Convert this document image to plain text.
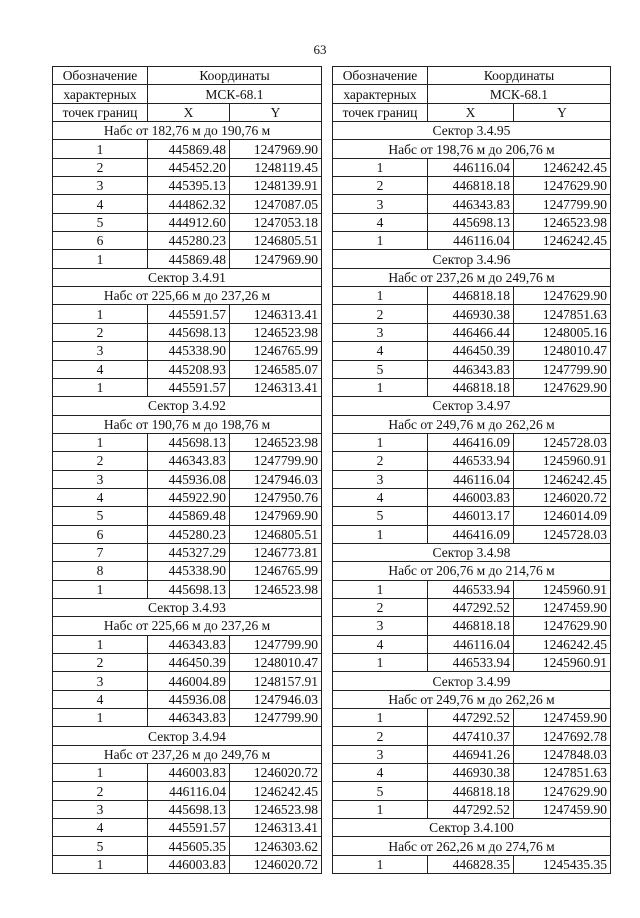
63
Обозначение	Координаты	
характерных	МСК-68.1	
точек границ	X	Y
Набс от 182,76 м до 190,76 м		
1	445869.48	1247969.90
2	445452.20	1248119.45
3	445395.13	1248139.91
4	444862.32	1247087.05
5	444912.60	1247053.18
6	445280.23	1246805.51
1	445869.48	1247969.90
Сектор 3.4.91		
Набс от 225,66 м до 237,26 м		
1	445591.57	1246313.41
2	445698.13	1246523.98
3	445338.90	1246765.99
4	445208.93	1246585.07
1	445591.57	1246313.41
Сектор 3.4.92		
Набс от 190,76 м до 198,76 м		
1	445698.13	1246523.98
2	446343.83	1247799.90
3	445936.08	1247946.03
4	445922.90	1247950.76
5	445869.48	1247969.90
6	445280.23	1246805.51
7	445327.29	1246773.81
8	445338.90	1246765.99
1	445698.13	1246523.98
Сектор 3.4.93		
Набс от 225,66 м до 237,26 м		
1	446343.83	1247799.90
2	446450.39	1248010.47
3	446004.89	1248157.91
4	445936.08	1247946.03
1	446343.83	1247799.90
Сектор 3.4.94		
Набс от 237,26 м до 249,76 м		
1	446003.83	1246020.72
2	446116.04	1246242.45
3	445698.13	1246523.98
4	445591.57	1246313.41
5	445605.35	1246303.62
1	446003.83	1246020.72
Обозначение	Координаты	
характерных	МСК-68.1	
точек границ	X	Y
Сектор 3.4.95		
Набс от 198,76 м до 206,76 м		
1	446116.04	1246242.45
2	446818.18	1247629.90
3	446343.83	1247799.90
4	445698.13	1246523.98
1	446116.04	1246242.45
Сектор 3.4.96		
Набс от 237,26 м до 249,76 м		
1	446818.18	1247629.90
2	446930.38	1247851.63
3	446466.44	1248005.16
4	446450.39	1248010.47
5	446343.83	1247799.90
1	446818.18	1247629.90
Сектор 3.4.97		
Набс от 249,76 м до 262,26 м		
1	446416.09	1245728.03
2	446533.94	1245960.91
3	446116.04	1246242.45
4	446003.83	1246020.72
5	446013.17	1246014.09
1	446416.09	1245728.03
Сектор 3.4.98		
Набс от 206,76 м до 214,76 м		
1	446533.94	1245960.91
2	447292.52	1247459.90
3	446818.18	1247629.90
4	446116.04	1246242.45
1	446533.94	1245960.91
Сектор 3.4.99		
Набс от 249,76 м до 262,26 м		
1	447292.52	1247459.90
2	447410.37	1247692.78
3	446941.26	1247848.03
4	446930.38	1247851.63
5	446818.18	1247629.90
1	447292.52	1247459.90
Сектор 3.4.100		
Набс от 262,26 м до 274,76 м		
1	446828.35	1245435.35
